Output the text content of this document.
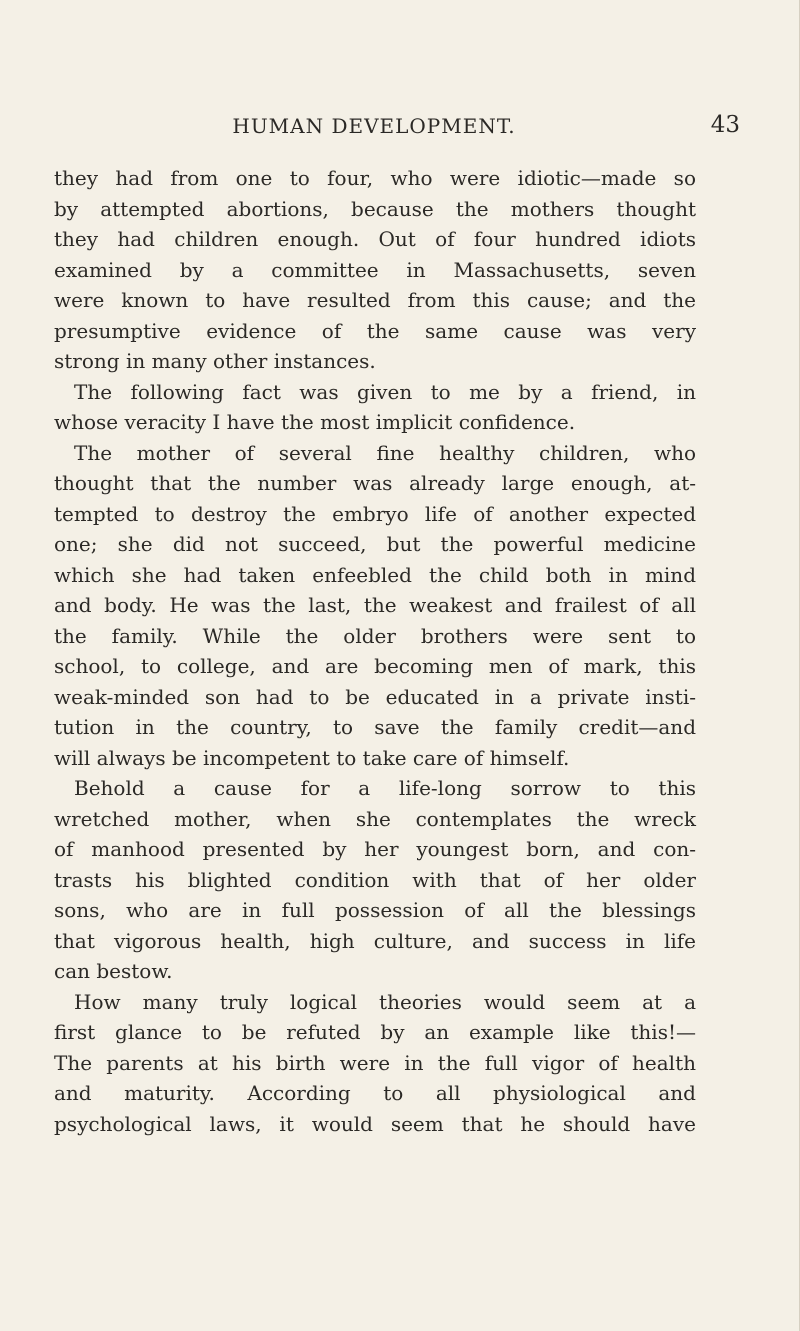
HUMAN DEVELOPMENT.	43
they had from one to four, who were idiotic—made so
by attempted abortions, because the mothers thought
they had children enough. Out of four hundred idiots
examined by a committee in Massachusetts, seven
were known to have resulted from this cause; and the
presumptive evidence of the same cause was very
strong in many other instances.
The following fact was given to me by a friend, in
whose veracity I have the most implicit confidence.
The mother of several fine healthy children, who
thought that the number was already large enough, at-
tempted to destroy the embryo life of another expected
one; she did not succeed, but the powerful medicine
which she had taken enfeebled the child both in mind
and body. He was the last, the weakest and frailest of all
the family. While the older brothers were sent to
school, to college, and are becoming men of mark, this
weak-minded son had to be educated in a private insti-
tution in the country, to save the family credit—and
will always be incompetent to take care of himself.
Behold a cause for a life-long sorrow to this
wretched mother, when she contemplates the wreck
of manhood presented by her youngest born, and con-
trasts his blighted condition with that of her older
sons, who are in full possession of all the blessings
that vigorous health, high culture, and success in life
can bestow.
How many truly logical theories would seem at a
first glance to be refuted by an example like this!—
The parents at his birth were in the full vigor of health
and maturity. According to all physiological and
psychological laws, it would seem that he should have
